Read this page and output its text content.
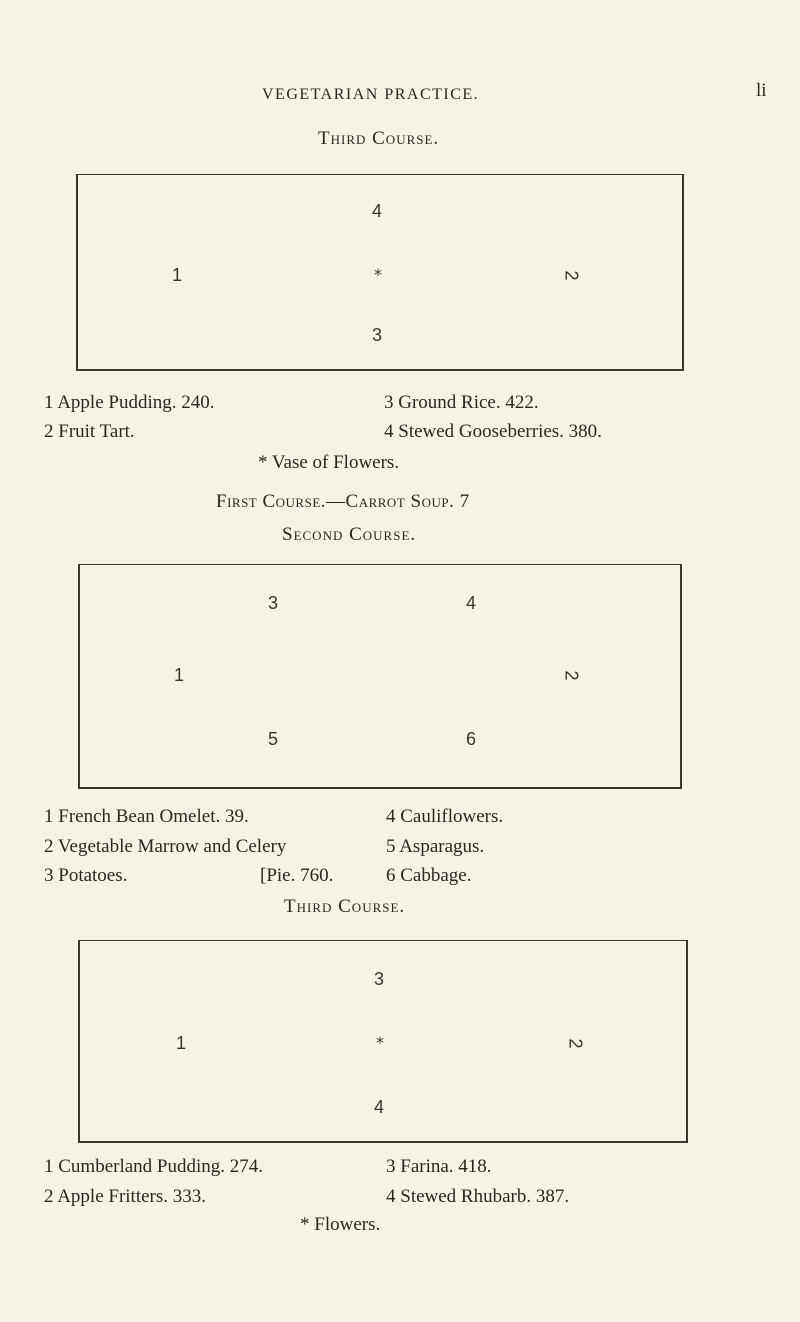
VEGETARIAN PRACTICE.	li
Third Course.
4
1	*	2
3
1 Apple Pudding. 240.	3 Ground Rice. 422.
2 Fruit Tart.	4 Stewed Gooseberries. 380.
* Vase of Flowers.
First Course.—Carrot Soup. 7
Second Course.
3	4
1	2
5	6
1 French Bean Omelet. 39.	4 Cauliflowers.
2 Vegetable Marrow and Celery	5 Asparagus.
3 Potatoes.	[Pie. 760.	6 Cabbage.
Third Course.
3
1	*	2
4
1 Cumberland Pudding. 274.	3 Farina. 418.
2 Apple Fritters. 333.	4 Stewed Rhubarb. 387.
* Flowers.
